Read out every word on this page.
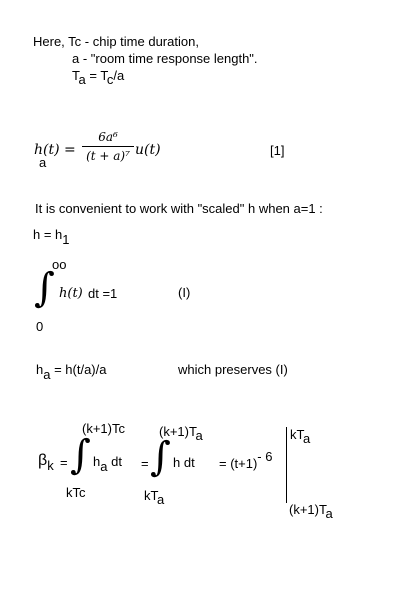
Here, Tc - chip time duration,
a - "room time response length".
Ta = Tc/a
h(t) =
a
6a⁶
(t + a)⁷ u(t)	[1]
It is convenient to work with "scaled" h when a=1 :
h = h1
oo
∫ h(t) dt =1
0
(I)
ha = h(t/a)/a	which preserves (I)
$\beta_k$ =
(k+1)Tc
∫ ha dt
kTc
=
(k+1)Ta
∫ h dt
kTa
= (t+1)- 6
kTa
(k+1)Ta
